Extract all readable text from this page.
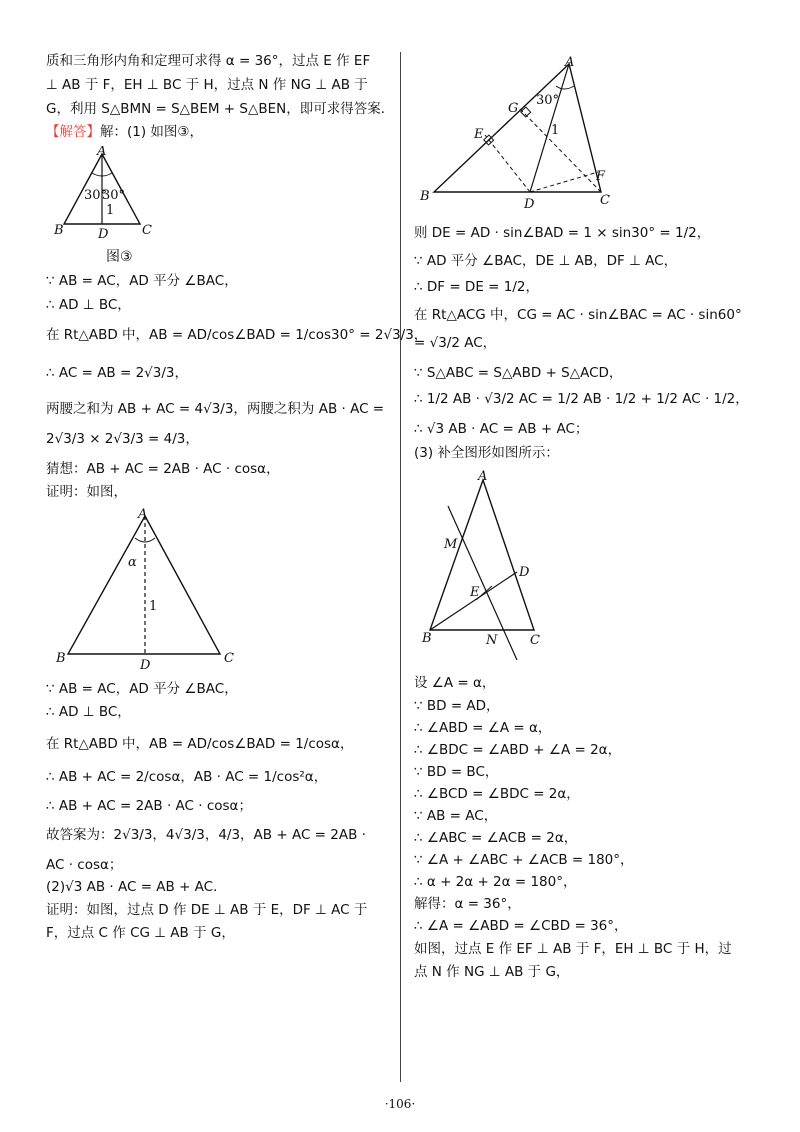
质和三角形内角和定理可求得 α = 36°，过点 E 作 EF
⊥ AB 于 F，EH ⊥ BC 于 H，过点 N 作 NG ⊥ AB 于
G，利用 S△BMN = S△BEM + S△BEN，即可求得答案．
【解答】解：(1) 如图③，
A
B	C
D
30°
30°
1
图③
∵ AB = AC，AD 平分 ∠BAC，
∴ AD ⊥ BC，
在 Rt△ABD 中，AB = AD/cos∠BAD = 1/cos30° = 2√3/3，
∴ AC = AB = 2√3/3，
两腰之和为 AB + AC = 4√3/3，两腰之积为 AB · AC =
2√3/3 × 2√3/3 = 4/3，
猜想：AB + AC = 2AB · AC · cosα，
证明：如图，
A
B	C
D
α
1
∵ AB = AC，AD 平分 ∠BAC，
∴ AD ⊥ BC，
在 Rt△ABD 中，AB = AD/cos∠BAD = 1/cosα，
∴ AB + AC = 2/cosα，AB · AC = 1/cos²α，
∴ AB + AC = 2AB · AC · cosα；
故答案为：2√3/3，4√3/3，4/3，AB + AC = 2AB ·
AC · cosα；
(2)√3 AB · AC = AB + AC．
证明：如图，过点 D 作 DE ⊥ AB 于 E，DF ⊥ AC 于
F，过点 C 作 CG ⊥ AB 于 G，
A
B	C
D
E
F
G
30°
1
则 DE = AD · sin∠BAD = 1 × sin30° = 1/2，
∵ AD 平分 ∠BAC，DE ⊥ AB，DF ⊥ AC，
∴ DF = DE = 1/2，
在 Rt△ACG 中，CG = AC · sin∠BAC = AC · sin60°
= √3/2 AC，
∵ S△ABC = S△ABD + S△ACD，
∴ 1/2 AB · √3/2 AC = 1/2 AB · 1/2 + 1/2 AC · 1/2，
∴ √3 AB · AC = AB + AC；
(3) 补全图形如图所示：
A
B	C
D
E
M
N
设 ∠A = α，
∵ BD = AD，
∴ ∠ABD = ∠A = α，
∴ ∠BDC = ∠ABD + ∠A = 2α，
∵ BD = BC，
∴ ∠BCD = ∠BDC = 2α，
∵ AB = AC，
∴ ∠ABC = ∠ACB = 2α，
∵ ∠A + ∠ABC + ∠ACB = 180°，
∴ α + 2α + 2α = 180°，
解得：α = 36°，
∴ ∠A = ∠ABD = ∠CBD = 36°，
如图，过点 E 作 EF ⊥ AB 于 F，EH ⊥ BC 于 H，过
点 N 作 NG ⊥ AB 于 G，
·106·
